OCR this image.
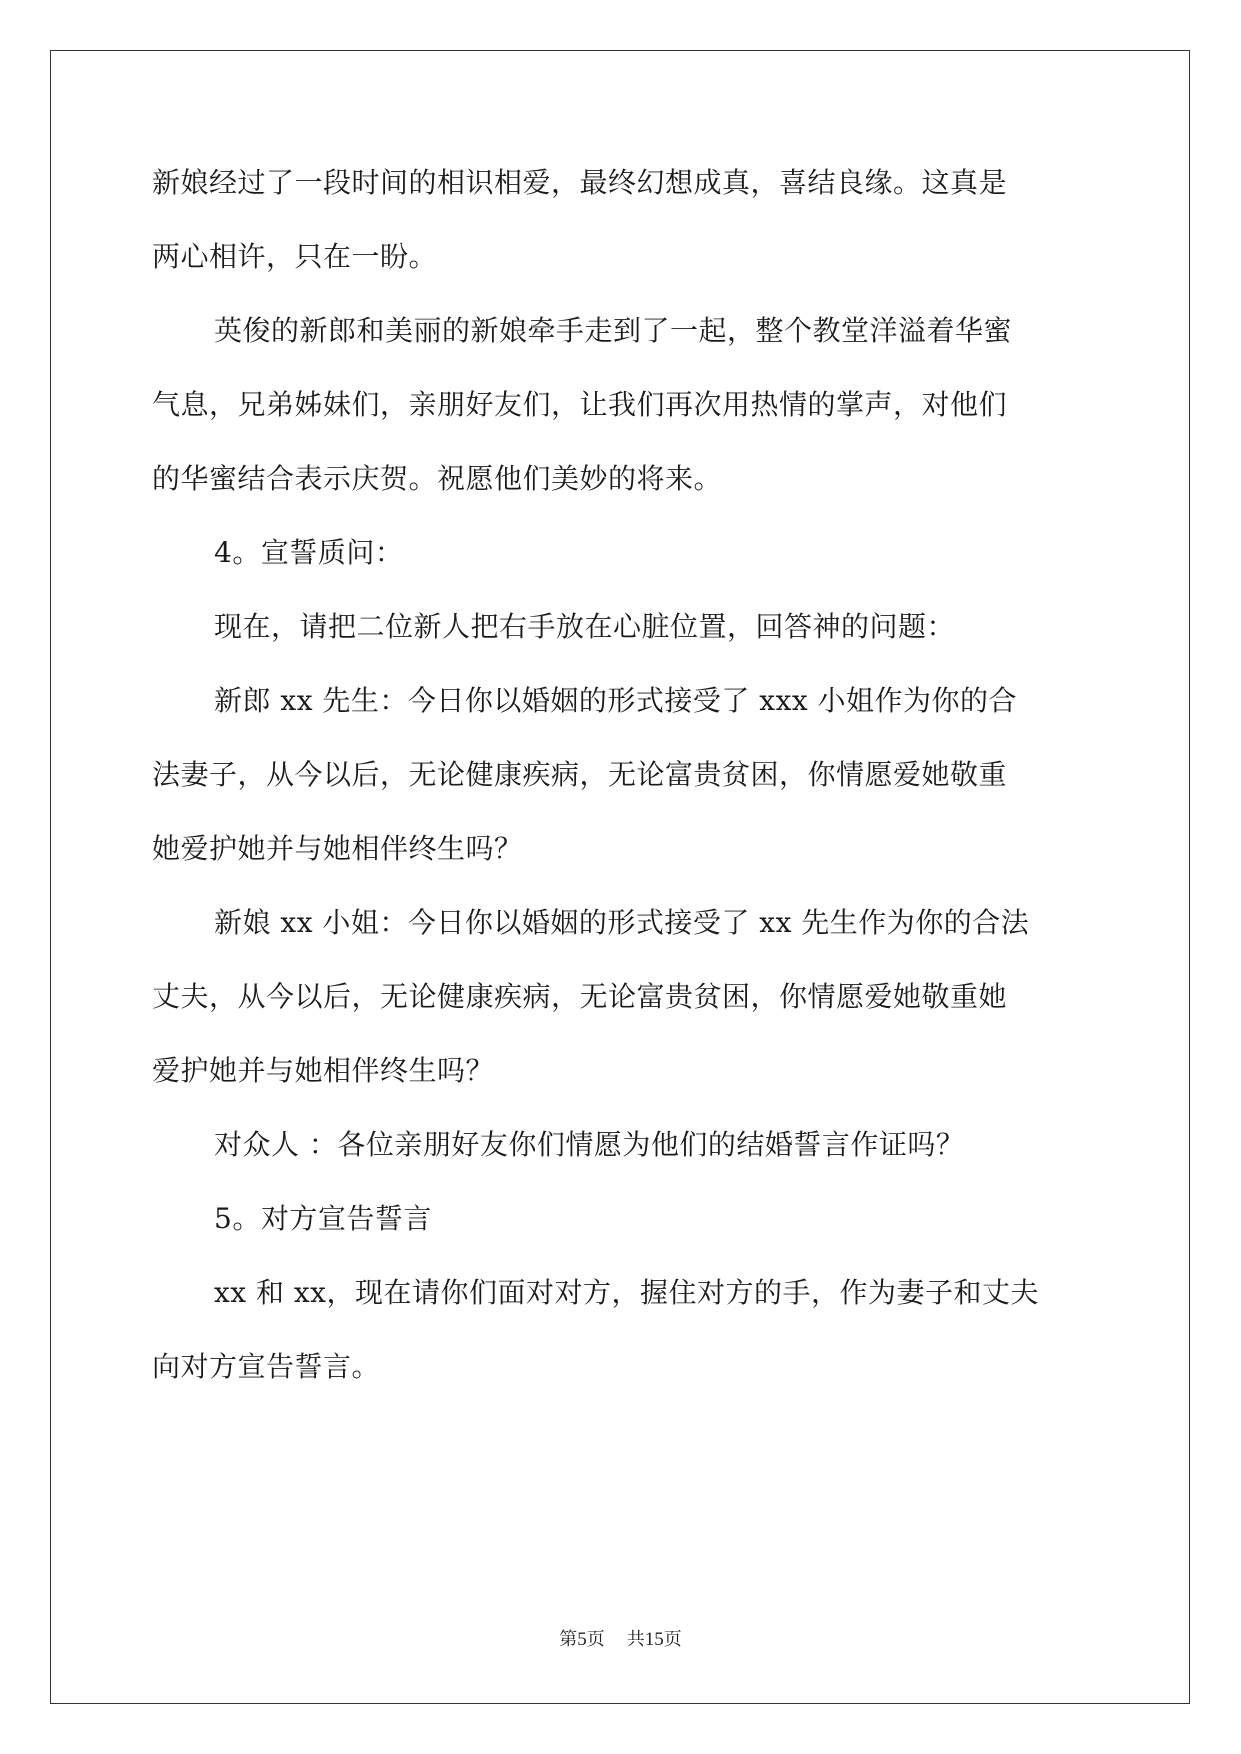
新娘经过了一段时间的相识相爱，最终幻想成真，喜结良缘。这真是
两心相许，只在一盼。
英俊的新郎和美丽的新娘牵手走到了一起，整个教堂洋溢着华蜜
气息，兄弟姊妹们，亲朋好友们，让我们再次用热情的掌声，对他们
的华蜜结合表示庆贺。祝愿他们美妙的将来。
4。宣誓质问：
现在，请把二位新人把右手放在心脏位置，回答神的问题：
新郎 xx 先生：今日你以婚姻的形式接受了 xxx 小姐作为你的合
法妻子，从今以后，无论健康疾病，无论富贵贫困，你情愿爱她敬重
她爱护她并与她相伴终生吗？
新娘 xx 小姐：今日你以婚姻的形式接受了 xx 先生作为你的合法
丈夫，从今以后，无论健康疾病，无论富贵贫困，你情愿爱她敬重她
爱护她并与她相伴终生吗？
对众人 ：各位亲朋好友你们情愿为他们的结婚誓言作证吗？
5。对方宣告誓言
xx 和 xx，现在请你们面对对方，握住对方的手，作为妻子和丈夫
向对方宣告誓言。
第5页 共15页
